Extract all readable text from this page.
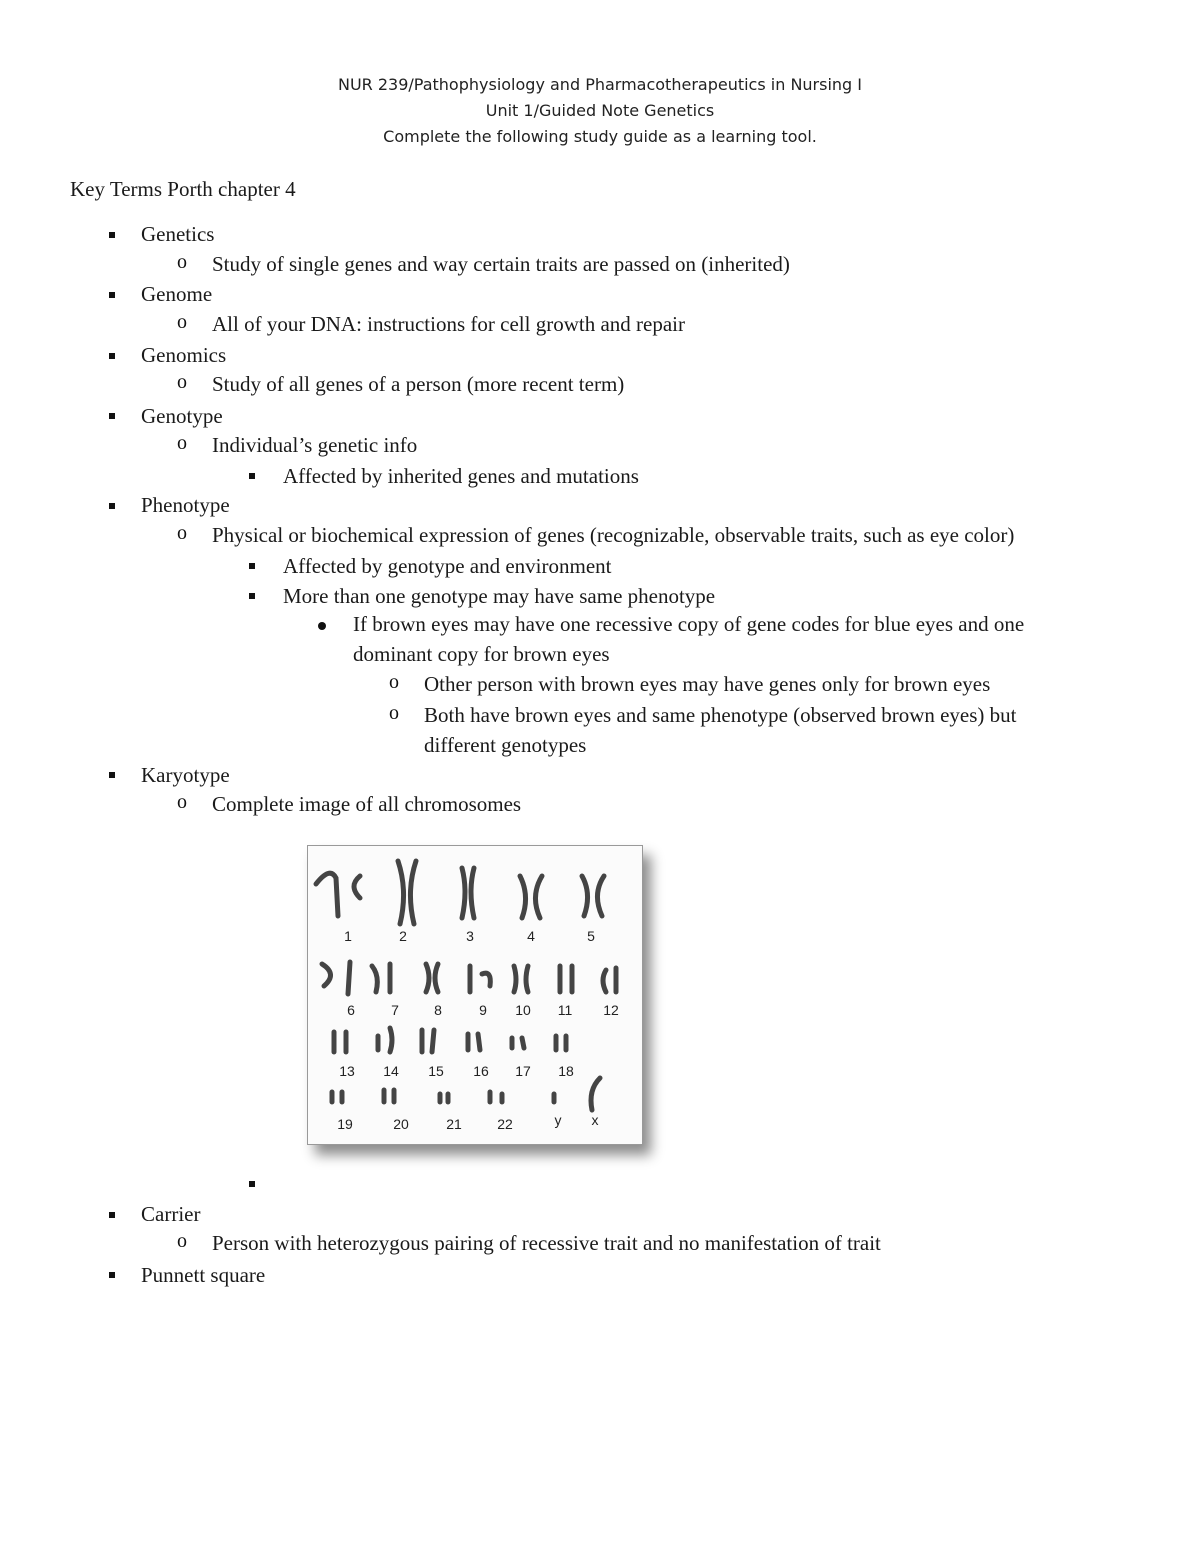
NUR 239/Pathophysiology and Pharmacotherapeutics in Nursing I
Unit 1/Guided Note Genetics
Complete the following study guide as a learning tool.
Key Terms Porth chapter 4
Genetics
o Study of single genes and way certain traits are passed on (inherited)
Genome
o All of your DNA: instructions for cell growth and repair
Genomics
o Study of all genes of a person (more recent term)
Genotype
o Individual’s genetic info
Affected by inherited genes and mutations
Phenotype
o Physical or biochemical expression of genes (recognizable, observable traits, such as eye color)
Affected by genotype and environment
More than one genotype may have same phenotype
If brown eyes may have one recessive copy of gene codes for blue eyes and one
dominant copy for brown eyes
o Other person with brown eyes may have genes only for brown eyes
o Both have brown eyes and same phenotype (observed brown eyes) but
different genotypes
Karyotype
o Complete image of all chromosomes
1	2	3	4	5
6	7	8	9	10	11	12
13	14	15	16	17	18
19	20	21	22	y	x
Carrier
o Person with heterozygous pairing of recessive trait and no manifestation of trait
Punnett square
